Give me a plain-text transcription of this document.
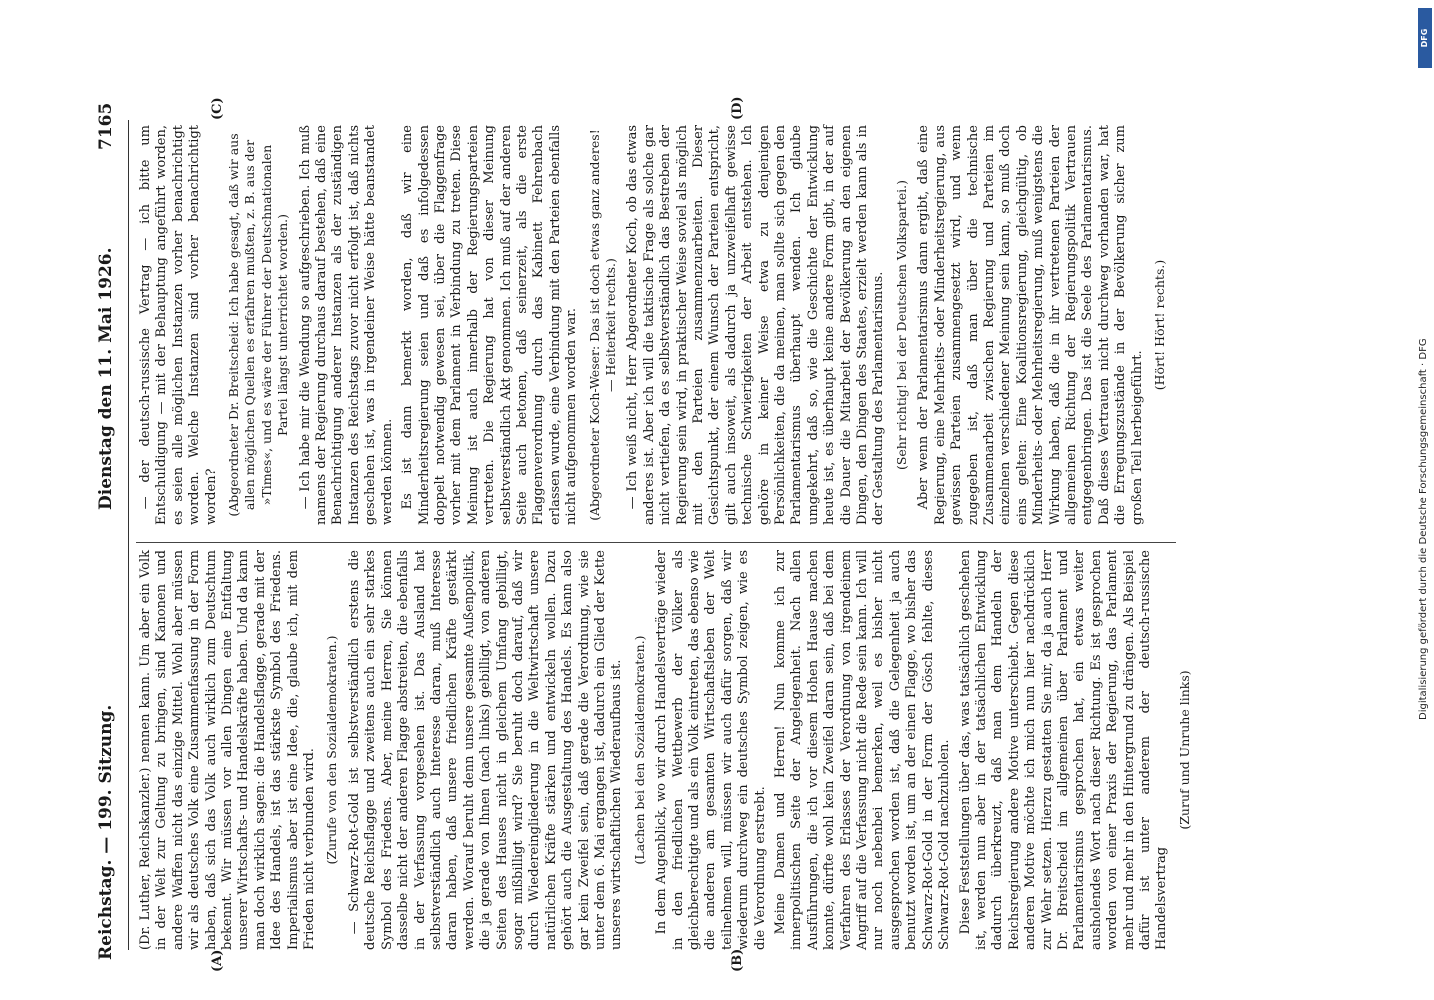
Reichstag. — 199. Sitzung.
Dienstag den 11. Mai 1926.
7165
(A)	(B)
(C)	(D)

(Dr. Luther, Reichskanzler.) nennen kann. Um aber ein Volk in der Welt zur Geltung zu bringen, sind Kanonen und andere Waffen nicht das einzige Mittel. Wohl aber müssen wir als deutsches Volk eine Zusammenfassung in der Form haben, daß sich das Volk auch wirklich zum Deutschtum bekennt. Wir müssen vor allen Dingen eine Entfaltung unserer Wirtschafts- und Handelskräfte haben. Und da kann man doch wirklich sagen: die Handelsflagge, gerade mit der Idee des Handels, ist das stärkste Symbol des Friedens. Imperialismus aber ist eine Idee, die, glaube ich, mit dem Frieden nicht verbunden wird. (Zurufe von den Sozialdemokraten.) — Schwarz-Rot-Gold ist selbstverständlich erstens die deutsche Reichsflagge und zweitens auch ein sehr starkes Symbol des Friedens. Aber, meine Herren, Sie können dasselbe nicht der anderen Flagge abstreiten, die ebenfalls in der Verfassung vorgesehen ist. Das Ausland hat selbstverständlich auch Interesse daran, muß Interesse daran haben, daß unsere friedlichen Kräfte gestärkt werden. Worauf beruht denn unsere gesamte Außenpolitik, die ja gerade von Ihnen (nach links) gebilligt, von anderen Seiten des Hauses nicht in gleichem Umfang gebilligt, sogar mißbilligt wird? Sie beruht doch darauf, daß wir durch Wiedereingliederung in die Weltwirtschaft unsere natürlichen Kräfte stärken und entwickeln wollen. Dazu gehört auch die Ausgestaltung des Handels. Es kann also gar kein Zweifel sein, daß gerade die Verordnung, wie sie unter dem 6. Mai ergangen ist, dadurch ein Glied der Kette unseres wirtschaftlichen Wiederaufbaus ist. (Lachen bei den Sozialdemokraten.) In dem Augenblick, wo wir durch Handelsverträge wieder in den friedlichen Wettbewerb der Völker als gleichberechtigte und als ein Volk eintreten, das ebenso wie die anderen am gesamten Wirtschaftsleben der Welt teilnehmen will, müssen wir auch dafür sorgen, daß wir wiederum durchweg ein deutsches Symbol zeigen, wie es die Verordnung erstrebt. Meine Damen und Herren! Nun komme ich zur innerpolitischen Seite der Angelegenheit. Nach allen Ausführungen, die ich vor diesem Hohen Hause machen konnte, dürfte wohl kein Zweifel daran sein, daß bei dem Verfahren des Erlasses der Verordnung von irgendeinem Angriff auf die Verfassung nicht die Rede sein kann. Ich will nur noch nebenbei bemerken, weil es bisher nicht ausgesprochen worden ist, daß die Gelegenheit ja auch benutzt worden ist, um an der einen Flagge, wo bisher das Schwarz-Rot-Gold in der Form der Gösch fehlte, dieses Schwarz-Rot-Gold nachzuholen. Diese Feststellungen über das, was tatsächlich geschehen ist, werden nun aber in der tatsächlichen Entwicklung dadurch überkreuzt, daß man dem Handeln der Reichsregierung andere Motive unterschiebt. Gegen diese anderen Motive möchte ich mich nun hier nachdrücklich zur Wehr setzen. Hierzu gestatten Sie mir, da ja auch Herr Dr. Breitscheid im allgemeinen über Parlament und Parlamentarismus gesprochen hat, ein etwas weiter ausholendes Wort nach dieser Richtung. Es ist gesprochen worden von einer Praxis der Regierung, das Parlament mehr und mehr in den Hintergrund zu drängen. Als Beispiel dafür ist unter anderem der deutsch-russische Handelsvertrag

(Zuruf und Unruhe links)

— der deutsch-russische Vertrag — ich bitte um Entschuldigung — mit der Behauptung angeführt worden, es seien alle möglichen Instanzen vorher benachrichtigt worden. Welche Instanzen sind vorher benachrichtigt worden? (Abgeordneter Dr. Breitscheid: Ich habe gesagt, daß wir aus allen möglichen Quellen es erfahren mußten, z. B. aus der »Times«, und es wäre der Führer der Deutschnationalen Partei längst unterrichtet worden.) — Ich habe mir die Wendung so aufgeschrieben. Ich muß namens der Regierung durchaus darauf bestehen, daß eine Benachrichtigung anderer Instanzen als der zuständigen Instanzen des Reichstags zuvor nicht erfolgt ist, daß nichts geschehen ist, was in irgendeiner Weise hätte beanstandet werden können. Es ist dann bemerkt worden, daß wir eine Minderheitsregierung seien und daß es infolgedessen doppelt notwendig gewesen sei, über die Flaggenfrage vorher mit dem Parlament in Verbindung zu treten. Diese Meinung ist auch innerhalb der Regierungsparteien vertreten. Die Regierung hat von dieser Meinung selbstverständlich Akt genommen. Ich muß auf der anderen Seite auch betonen, daß seinerzeit, als die erste Flaggenverordnung durch das Kabinett Fehrenbach erlassen wurde, eine Verbindung mit den Parteien ebenfalls nicht aufgenommen worden war. (Abgeordneter Koch-Weser: Das ist doch etwas ganz anderes! — Heiterkeit rechts.) — Ich weiß nicht, Herr Abgeordneter Koch, ob das etwas anderes ist. Aber ich will die taktische Frage als solche gar nicht vertiefen, da es selbstverständlich das Bestreben der Regierung sein wird, in praktischer Weise soviel als möglich mit den Parteien zusammenzuarbeiten. Dieser Gesichtspunkt, der einem Wunsch der Parteien entspricht, gilt auch insoweit, als dadurch ja unzweifelhaft gewisse technische Schwierigkeiten der Arbeit entstehen. Ich gehöre in keiner Weise etwa zu denjenigen Persönlichkeiten, die da meinen, man sollte sich gegen den Parlamentarismus überhaupt wenden. Ich glaube umgekehrt, daß so, wie die Geschichte der Entwicklung heute ist, es überhaupt keine andere Form gibt, in der auf die Dauer die Mitarbeit der Bevölkerung an den eigenen Dingen, den Dingen des Staates, erzielt werden kann als in der Gestaltung des Parlamentarismus. (Sehr richtig! bei der Deutschen Volkspartei.) Aber wenn der Parlamentarismus dann ergibt, daß eine Regierung, eine Mehrheits- oder Minderheitsregierung, aus gewissen Parteien zusammengesetzt wird, und wenn zugegeben ist, daß man über die technische Zusammenarbeit zwischen Regierung und Parteien im einzelnen verschiedener Meinung sein kann, so muß doch eins gelten: Eine Koalitionsregierung, gleichgültig, ob Minderheits- oder Mehrheitsregierung, muß wenigstens die Wirkung haben, daß die in ihr vertretenen Parteien der allgemeinen Richtung der Regierungspolitik Vertrauen entgegenbringen. Das ist die Seele des Parlamentarismus. Daß dieses Vertrauen nicht durchweg vorhanden war, hat die Erregungszustände in der Bevölkerung sicher zum großen Teil herbeigeführt.

(Hört! Hört! rechts.)

Digitalisierung gefördert durch die Deutsche Forschungsgemeinschaft · DFG
DFG
